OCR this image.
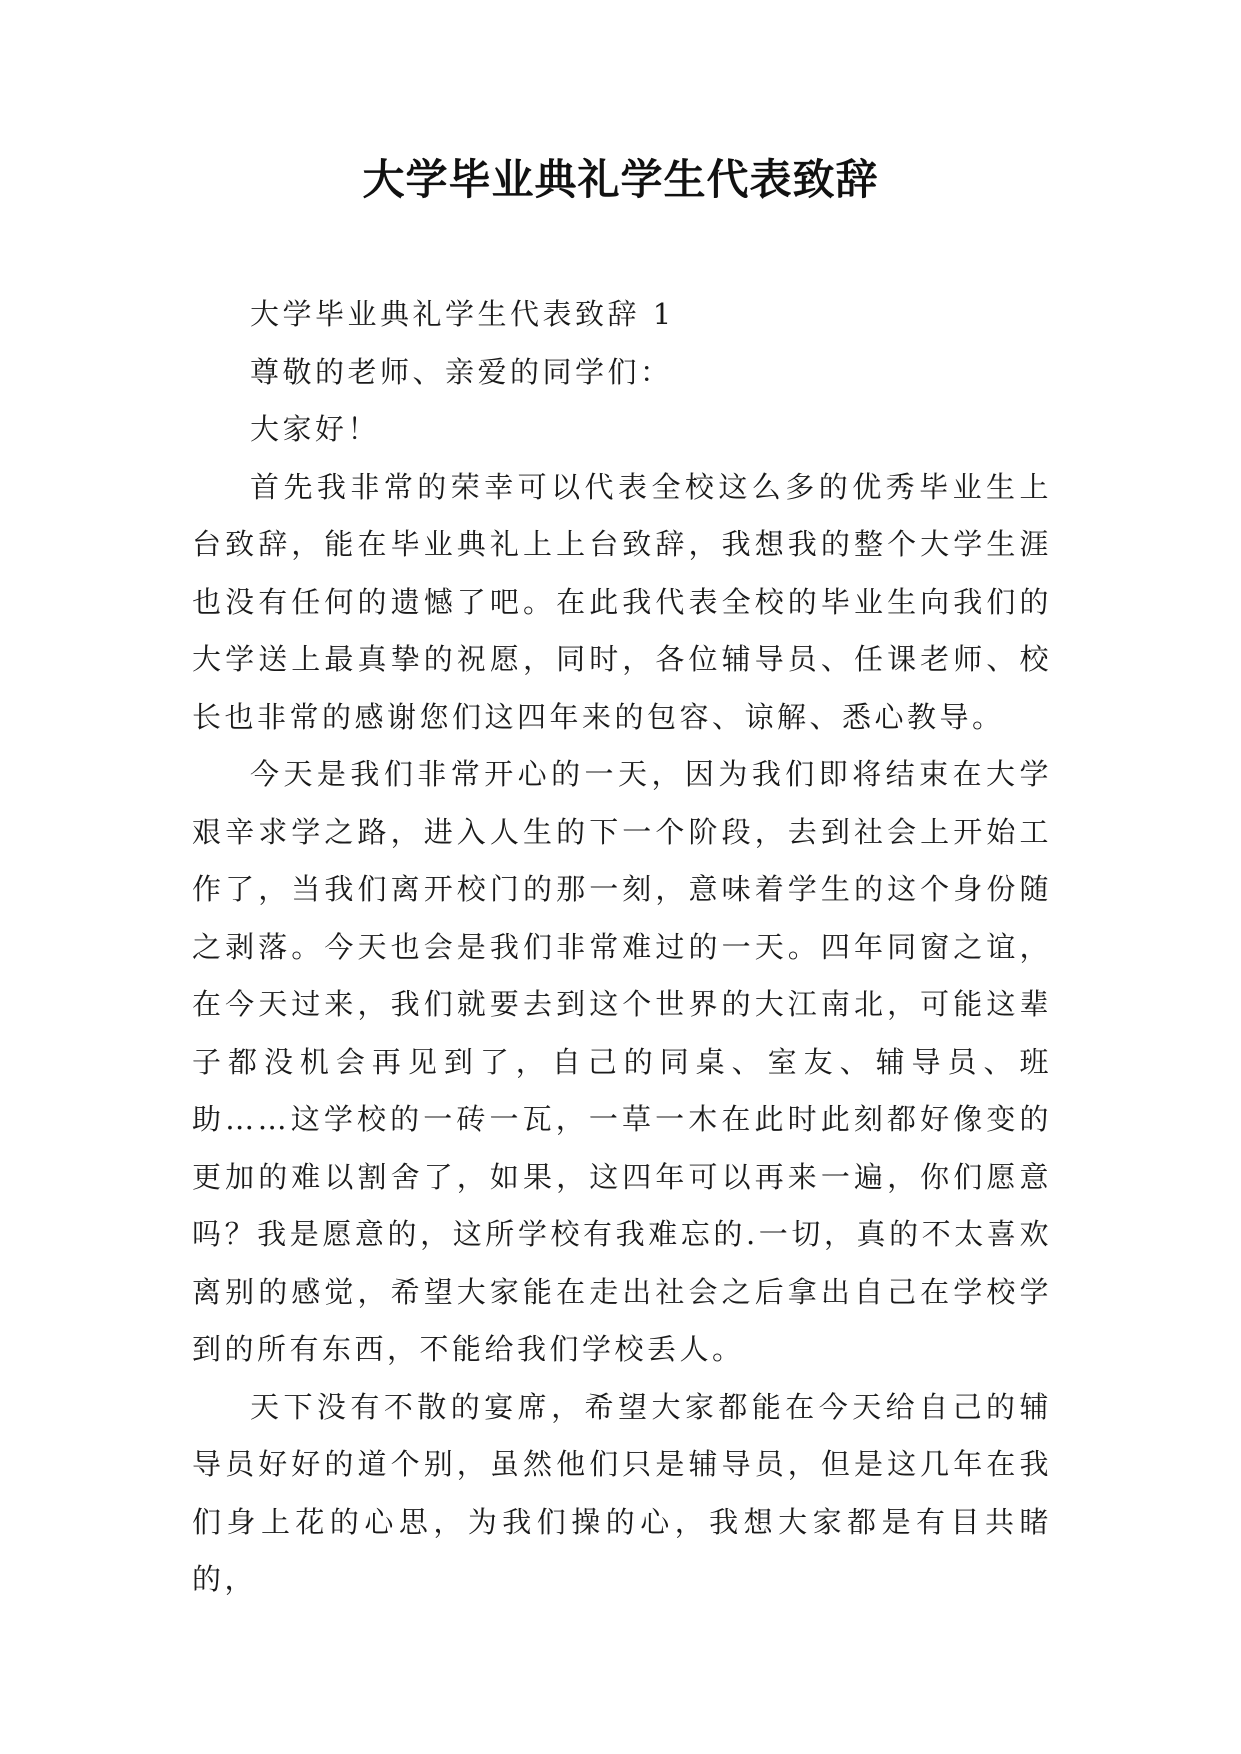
大学毕业典礼学生代表致辞

大学毕业典礼学生代表致辞 1

尊敬的老师、亲爱的同学们：

大家好！

首先我非常的荣幸可以代表全校这么多的优秀毕业生上台致辞，能在毕业典礼上上台致辞，我想我的整个大学生涯也没有任何的遗憾了吧。在此我代表全校的毕业生向我们的大学送上最真挚的祝愿，同时，各位辅导员、任课老师、校长也非常的感谢您们这四年来的包容、谅解、悉心教导。

今天是我们非常开心的一天，因为我们即将结束在大学艰辛求学之路，进入人生的下一个阶段，去到社会上开始工作了，当我们离开校门的那一刻，意味着学生的这个身份随之剥落。今天也会是我们非常难过的一天。四年同窗之谊，在今天过来，我们就要去到这个世界的大江南北，可能这辈子都没机会再见到了，自己的同桌、室友、辅导员、班助……这学校的一砖一瓦，一草一木在此时此刻都好像变的更加的难以割舍了，如果，这四年可以再来一遍，你们愿意吗？我是愿意的，这所学校有我难忘的.一切，真的不太喜欢离别的感觉，希望大家能在走出社会之后拿出自己在学校学到的所有东西，不能给我们学校丢人。

天下没有不散的宴席，希望大家都能在今天给自己的辅导员好好的道个别，虽然他们只是辅导员，但是这几年在我们身上花的心思，为我们操的心，我想大家都是有目共睹的，
